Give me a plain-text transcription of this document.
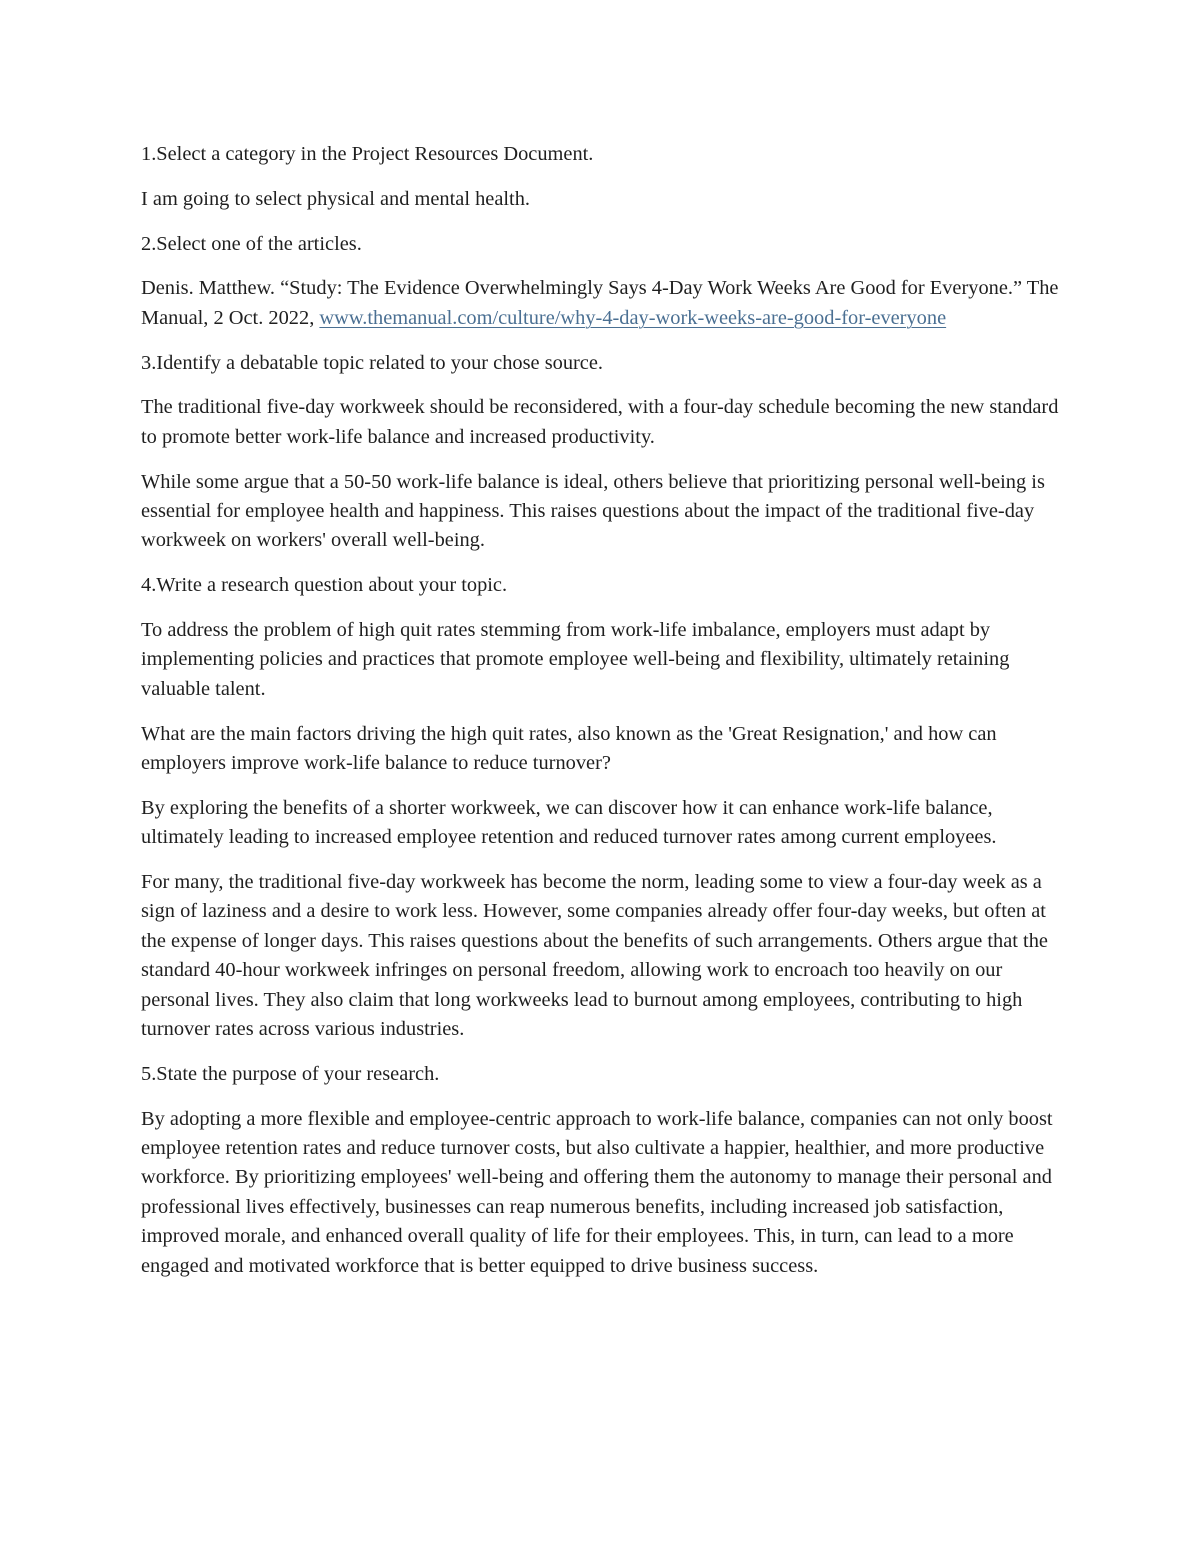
1.Select a category in the Project Resources Document.

I am going to select physical and mental health.

2.Select one of the articles.

Denis. Matthew. “Study: The Evidence Overwhelmingly Says 4-Day Work Weeks Are Good for Everyone.” The Manual, 2 Oct. 2022, www.themanual.com/culture/why-4-day-work-weeks-are-good-for-everyone

3.Identify a debatable topic related to your chose source.

The traditional five-day workweek should be reconsidered, with a four-day schedule becoming the new standard to promote better work-life balance and increased productivity.

While some argue that a 50-50 work-life balance is ideal, others believe that prioritizing personal well-being is essential for employee health and happiness. This raises questions about the impact of the traditional five-day workweek on workers' overall well-being.

4.Write a research question about your topic.

To address the problem of high quit rates stemming from work-life imbalance, employers must adapt by implementing policies and practices that promote employee well-being and flexibility, ultimately retaining valuable talent.

What are the main factors driving the high quit rates, also known as the 'Great Resignation,' and how can employers improve work-life balance to reduce turnover?

By exploring the benefits of a shorter workweek, we can discover how it can enhance work-life balance, ultimately leading to increased employee retention and reduced turnover rates among current employees.

For many, the traditional five-day workweek has become the norm, leading some to view a four-day week as a sign of laziness and a desire to work less. However, some companies already offer four-day weeks, but often at the expense of longer days. This raises questions about the benefits of such arrangements. Others argue that the standard 40-hour workweek infringes on personal freedom, allowing work to encroach too heavily on our personal lives. They also claim that long workweeks lead to burnout among employees, contributing to high turnover rates across various industries.

5.State the purpose of your research.

By adopting a more flexible and employee-centric approach to work-life balance, companies can not only boost employee retention rates and reduce turnover costs, but also cultivate a happier, healthier, and more productive workforce. By prioritizing employees' well-being and offering them the autonomy to manage their personal and professional lives effectively, businesses can reap numerous benefits, including increased job satisfaction, improved morale, and enhanced overall quality of life for their employees. This, in turn, can lead to a more engaged and motivated workforce that is better equipped to drive business success.
